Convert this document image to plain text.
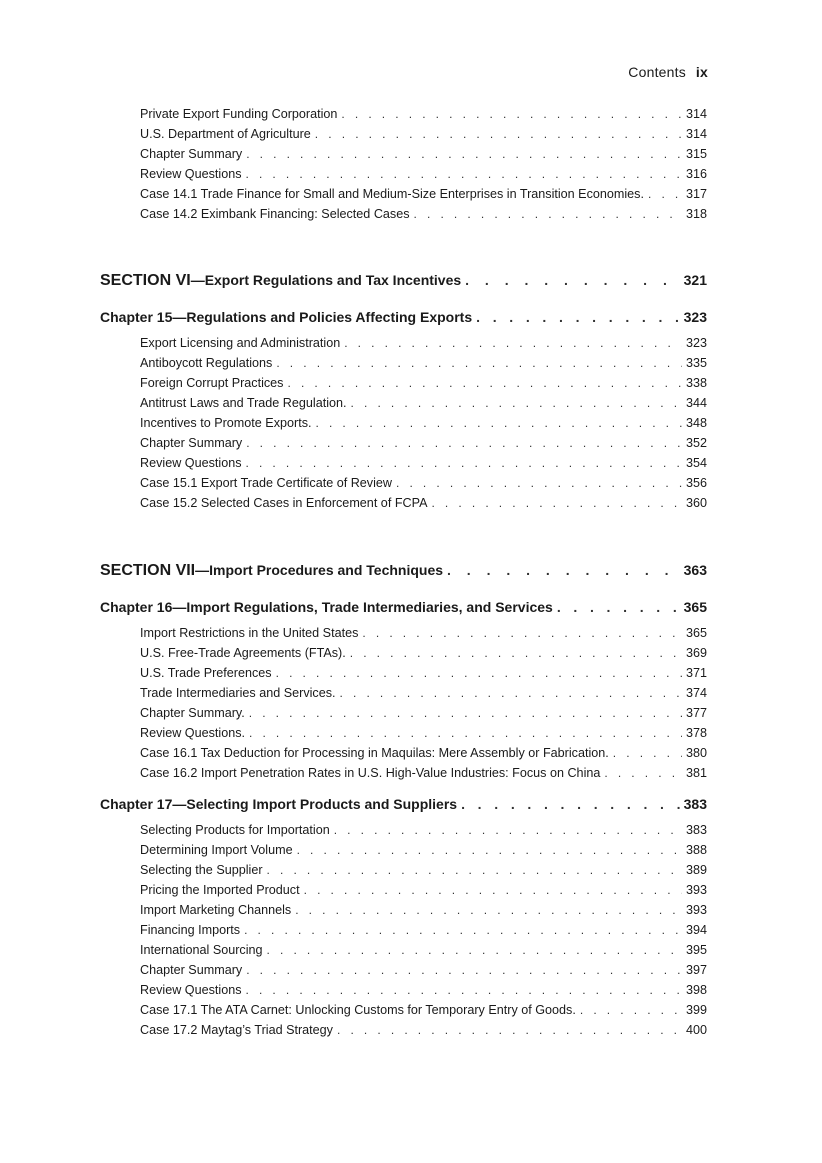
Contents ix
Private Export Funding Corporation . . .	314
U.S. Department of Agriculture . . .	314
Chapter Summary . . .	315
Review Questions . . .	316
Case 14.1 Trade Finance for Small and Medium-Size Enterprises in Transition Economies. . . .	317
Case 14.2 Eximbank Financing: Selected Cases . . .	318
SECTION VI—Export Regulations and Tax Incentives . . .	321
Chapter 15—Regulations and Policies Affecting Exports . . .	323
Export Licensing and Administration . . .	323
Antiboycott Regulations . . .	335
Foreign Corrupt Practices . . .	338
Antitrust Laws and Trade Regulation. . . .	344
Incentives to Promote Exports. . . .	348
Chapter Summary . . .	352
Review Questions . . .	354
Case 15.1 Export Trade Certificate of Review . . .	356
Case 15.2 Selected Cases in Enforcement of FCPA . . .	360
SECTION VII—Import Procedures and Techniques . . .	363
Chapter 16—Import Regulations, Trade Intermediaries, and Services . . .	365
Import Restrictions in the United States . . .	365
U.S. Free-Trade Agreements (FTAs). . . .	369
U.S. Trade Preferences . . .	371
Trade Intermediaries and Services. . . .	374
Chapter Summary. . . .	377
Review Questions. . . .	378
Case 16.1 Tax Deduction for Processing in Maquilas: Mere Assembly or Fabrication. . . .	380
Case 16.2 Import Penetration Rates in U.S. High-Value Industries: Focus on China . . .	381
Chapter 17—Selecting Import Products and Suppliers . . .	383
Selecting Products for Importation . . .	383
Determining Import Volume . . .	388
Selecting the Supplier . . .	389
Pricing the Imported Product . . .	393
Import Marketing Channels . . .	393
Financing Imports . . .	394
International Sourcing . . .	395
Chapter Summary . . .	397
Review Questions . . .	398
Case 17.1 The ATA Carnet: Unlocking Customs for Temporary Entry of Goods. . . .	399
Case 17.2 Maytag’s Triad Strategy . . .	400
